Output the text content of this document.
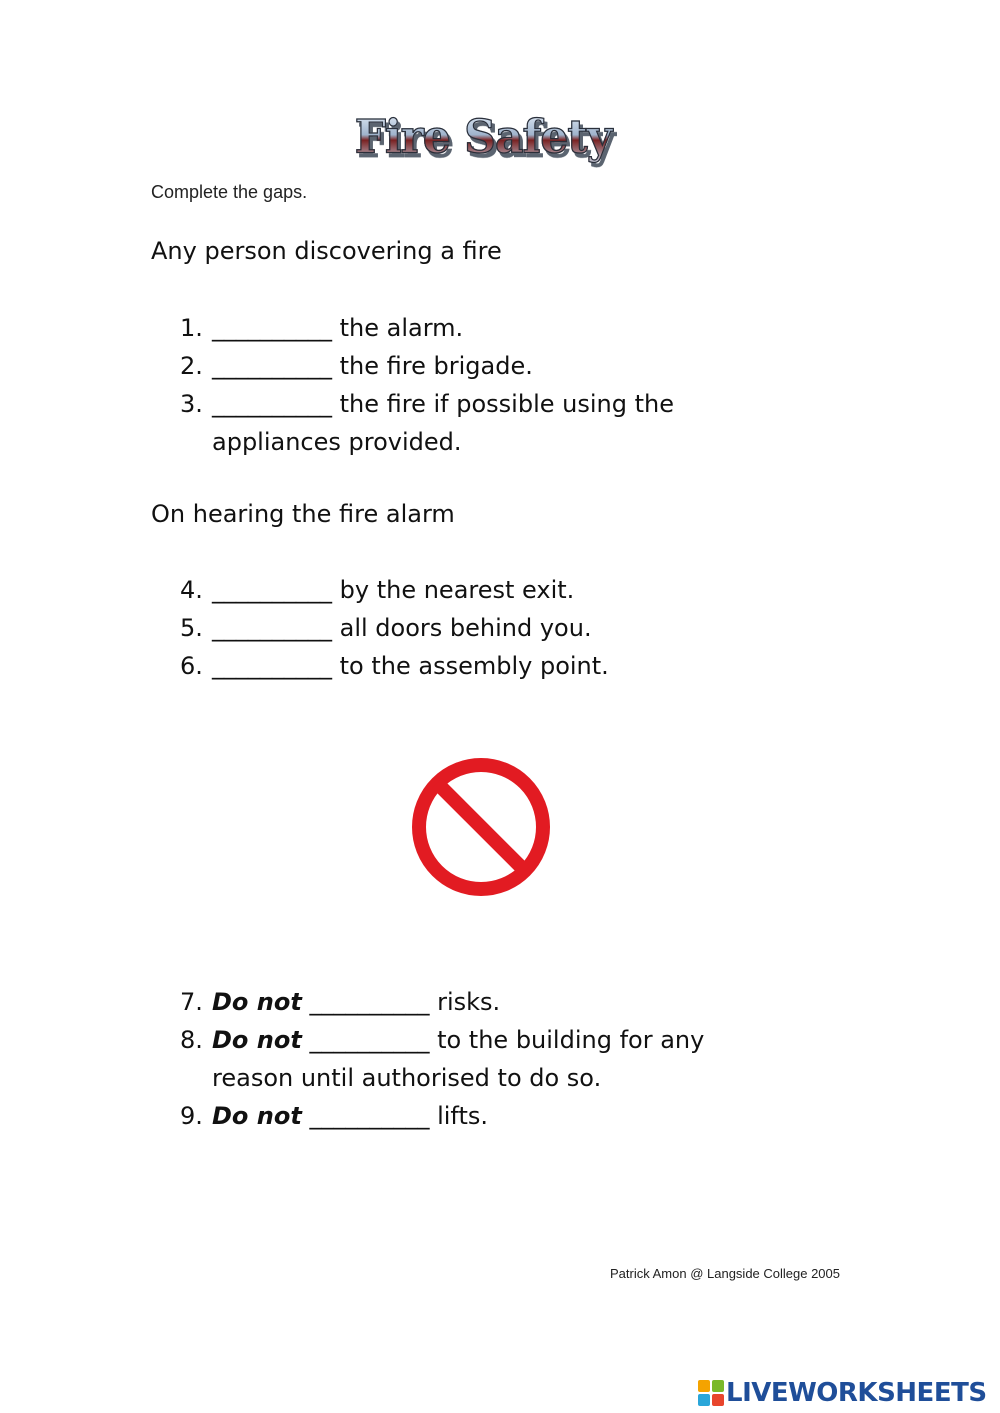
Fire Safety
Complete the gaps.
Any person discovering a fire
1. __________ the alarm.
2. __________ the fire brigade.
3. __________ the fire if possible using the appliances provided.
On hearing the fire alarm
4. __________ by the nearest exit.
5. __________ all doors behind you.
6. __________ to the assembly point.
7. Do not __________ risks.
8. Do not __________ to the building for any reason until authorised to do so.
9. Do not __________ lifts.
Patrick Amon @ Langside College 2005
LIVEWORKSHEETS
